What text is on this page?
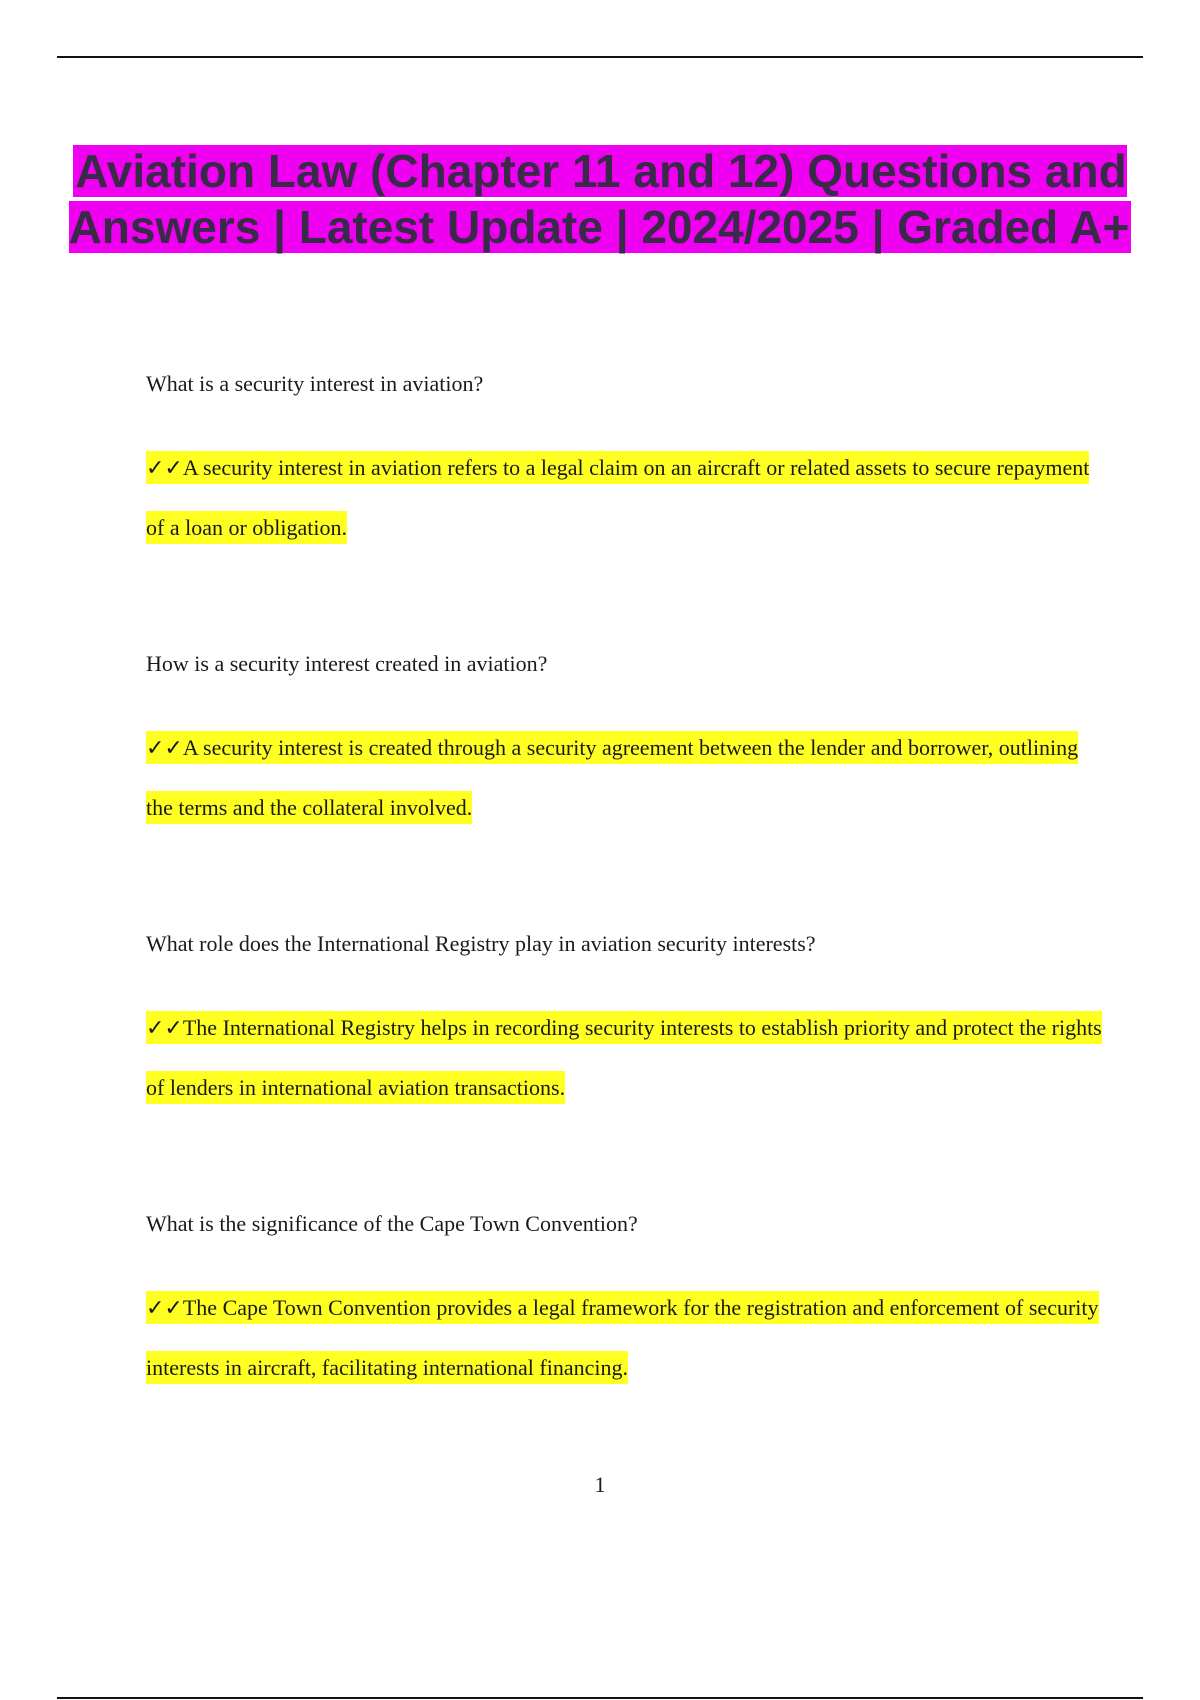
Aviation Law (Chapter 11 and 12) Questions and Answers | Latest Update | 2024/2025 | Graded A+

What is a security interest in aviation?

✓✓A security interest in aviation refers to a legal claim on an aircraft or related assets to secure repayment of a loan or obligation.

How is a security interest created in aviation?

✓✓A security interest is created through a security agreement between the lender and borrower, outlining the terms and the collateral involved.

What role does the International Registry play in aviation security interests?

✓✓The International Registry helps in recording security interests to establish priority and protect the rights of lenders in international aviation transactions.

What is the significance of the Cape Town Convention?

✓✓The Cape Town Convention provides a legal framework for the registration and enforcement of security interests in aircraft, facilitating international financing.

1
